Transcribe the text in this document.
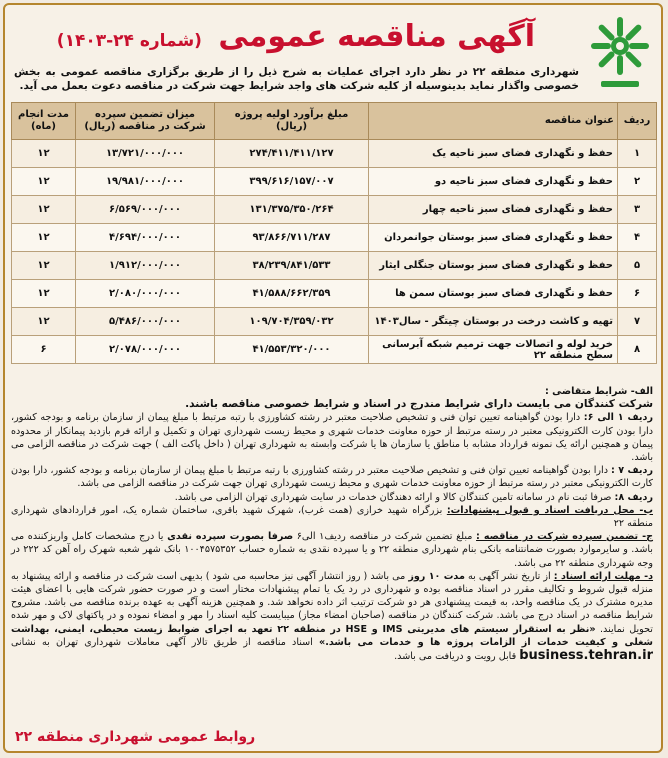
آگهی مناقصه عمومی (شماره ۲۴-۱۴۰۳)
شهرداری منطقه ۲۲ در نظر دارد اجرای عملیات به شرح ذیل را از طریق برگزاری مناقصه عمومی به بخش خصوصی واگذار نماید بدینوسیله از کلیه شرکت های واجد شرایط جهت شرکت در مناقصه دعوت بعمل می آید.
ردیف	عنوان مناقصه	مبلغ برآورد اولیه پروژه (ریال)	میزان تضمین سپرده شرکت در مناقصه (ریال)	مدت انجام (ماه)
۱	حفظ و نگهداری فضای سبز ناحیه یک	۲۷۴/۴۱۱/۴۱۱/۱۲۷	۱۳/۷۲۱/۰۰۰/۰۰۰	۱۲
۲	حفظ و نگهداری فضای سبز ناحیه دو	۳۹۹/۶۱۶/۱۵۷/۰۰۷	۱۹/۹۸۱/۰۰۰/۰۰۰	۱۲
۳	حفظ و نگهداری فضای سبز ناحیه چهار	۱۳۱/۳۷۵/۳۵۰/۲۶۴	۶/۵۶۹/۰۰۰/۰۰۰	۱۲
۴	حفظ و نگهداری فضای سبز بوستان جوانمردان	۹۳/۸۶۶/۷۱۱/۲۸۷	۴/۶۹۴/۰۰۰/۰۰۰	۱۲
۵	حفظ و نگهداری فضای سبز بوستان جنگلی ایثار	۳۸/۲۳۹/۸۴۱/۵۳۳	۱/۹۱۲/۰۰۰/۰۰۰	۱۲
۶	حفظ و نگهداری فضای سبز بوستان سمن ها	۴۱/۵۸۸/۶۶۲/۳۵۹	۲/۰۸۰/۰۰۰/۰۰۰	۱۲
۷	تهیه و کاشت درخت در بوستان چیتگر - سال۱۴۰۳	۱۰۹/۷۰۴/۳۵۹/۰۳۲	۵/۴۸۶/۰۰۰/۰۰۰	۱۲
۸	خرید لوله و اتصالات جهت ترمیم شبکه آبرسانی سطح منطقه ۲۲	۴۱/۵۵۳/۳۲۰/۰۰۰	۲/۰۷۸/۰۰۰/۰۰۰	۶

الف- شرایط متقاضی :

شرکت کنندگان می بایست دارای شرایط مندرج در اسناد و شرایط خصوصی مناقصه باشند.

ردیف ۱ الی ۶: دارا بودن گواهینامه تعیین توان فنی و تشخیص صلاحیت معتبر در رشته کشاورزی با رتبه مرتبط با مبلغ پیمان از سازمان برنامه و بودجه کشور، دارا بودن کارت الکترونیکی معتبر در رسته مرتبط از حوزه معاونت خدمات شهری و محیط زیست شهرداری تهران و تکمیل و ارائه فرم بازدید پیمانکار از محدوده پیمان و همچنین ارائه یک نمونه قرارداد مشابه با مناطق یا سازمان ها یا شرکت وابسته به شهرداری تهران ( داخل پاکت الف ) جهت شرکت در مناقصه الزامی می باشد.

ردیف ۷ : دارا بودن گواهینامه تعیین توان فنی و تشخیص صلاحیت معتبر در رشته کشاورزی با رتبه مرتبط با مبلغ پیمان از سازمان برنامه و بودجه کشور، دارا بودن کارت الکترونیکی معتبر در رسته مرتبط از حوزه معاونت خدمات شهری و محیط زیست شهرداری تهران جهت شرکت در مناقصه الزامی می باشد.

ردیف ۸: صرفا ثبت نام در سامانه تامین کنندگان کالا و ارائه دهندگان خدمات در سایت شهرداری تهران الزامی می باشد.

ب- محل دریافت اسناد و قبول پیشنهادات: بزرگراه شهید خرازی (همت غرب)، شهرک شهید باقری، ساختمان شماره یک، امور قراردادهای شهرداری منطقه ۲۲

ج- تضمین سپرده شرکت در مناقصه : مبلغ تضمین شرکت در مناقصه ردیف۱ الی۶ صرفا بصورت سپرده نقدی یا درج مشخصات کامل واریزکننده می باشد. و سایرموارد بصورت ضمانتنامه بانکی بنام شهرداری منطقه ۲۲ و یا سپرده نقدی به شماره حساب ۱۰۰۴۵۷۵۳۵۲ بانک شهر شعبه شهرک راه آهن کد ۲۲۲ در وجه شهرداری منطقه ۲۲ می باشد.

د- مهلت ارائه اسناد : از تاریخ نشر آگهی به مدت ۱۰ روز می باشد ( روز انتشار آگهی نیز محاسبه می شود ) بدیهی است شرکت در مناقصه و ارائه پیشنهاد به منزله قبول شروط و تکالیف مقرر در اسناد مناقصه بوده و شهرداری در رد یک یا تمام پیشنهادات مختار است و در صورت حضور شرکت هایی با اعضای هیئت مدیره مشترک در یک مناقصه واحد، به قیمت پیشنهادی هر دو شرکت ترتیب اثر داده نخواهد شد. و همچنین هزینه آگهی به عهده برنده مناقصه می باشد. مشروح شرایط مناقصه در اسناد درج می باشد. شرکت کنندگان در مناقصه (صاحبان امضاء مجاز) میبایست کلیه اسناد را مهر و امضاء نموده و در پاکتهای لاک و مهر شده تحویل نمایند. «نظر به استقرار سیستم های مدیریتی IMS و HSE در منطقه ۲۲ تعهد به اجرای ضوابط زیست محیطی، ایمنی، بهداشت شغلی و کیفیت خدمات از الزامات پروژه ها و خدمات می باشد.» اسناد مناقصه از طریق تالار آگهی معاملات شهرداری تهران به نشانی business.tehran.ir قابل رویت و دریافت می باشد.

روابط عمومی شهرداری منطقه ۲۲
